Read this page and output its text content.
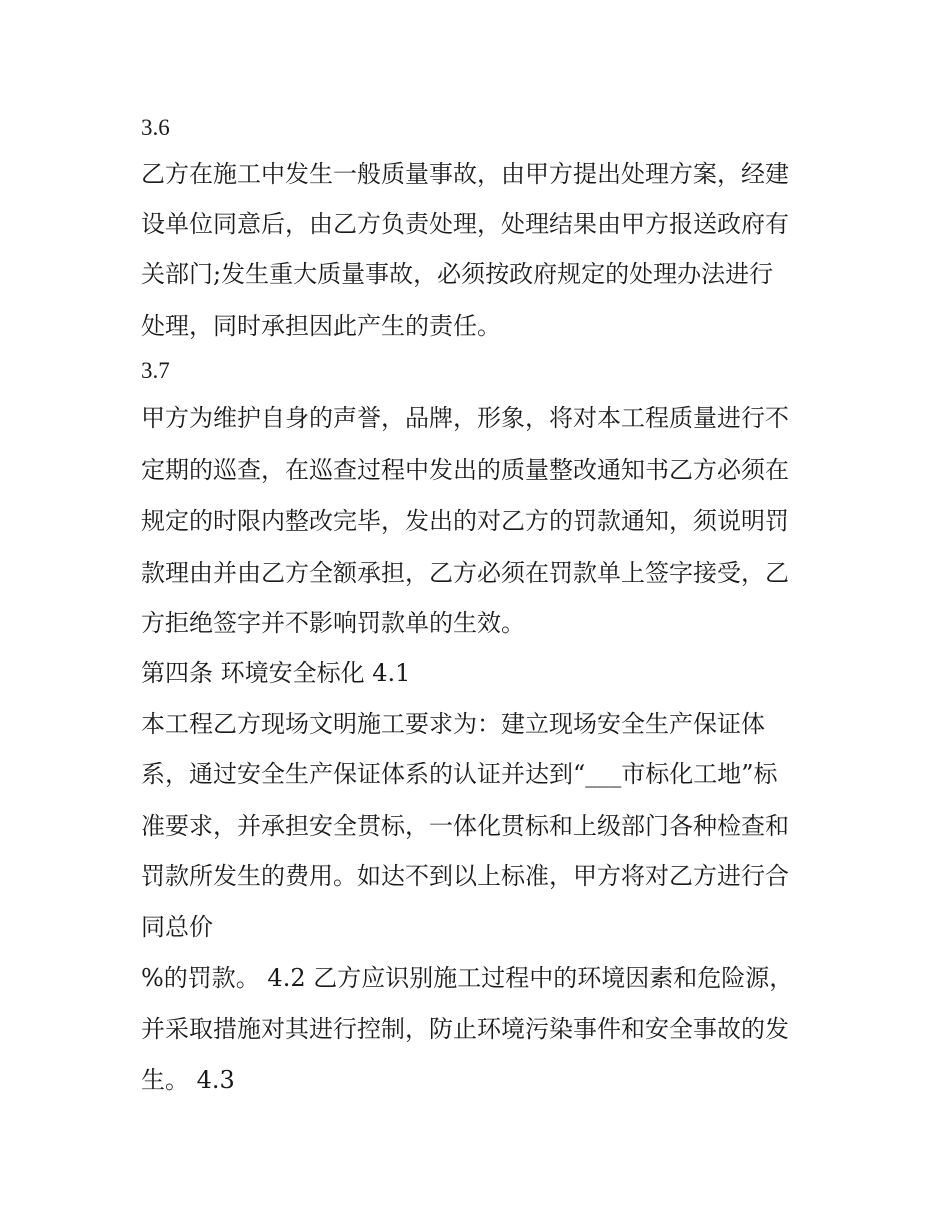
3.6
乙方在施工中发生一般质量事故，由甲方提出处理方案，经建
设单位同意后，由乙方负责处理，处理结果由甲方报送政府有
关部门;发生重大质量事故，必须按政府规定的处理办法进行
处理，同时承担因此产生的责任。
3.7
甲方为维护自身的声誉，品牌，形象，将对本工程质量进行不
定期的巡查，在巡查过程中发出的质量整改通知书乙方必须在
规定的时限内整改完毕，发出的对乙方的罚款通知，须说明罚
款理由并由乙方全额承担，乙方必须在罚款单上签字接受，乙
方拒绝签字并不影响罚款单的生效。
第四条 环境安全标化 4.1
本工程乙方现场文明施工要求为：建立现场安全生产保证体
系，通过安全生产保证体系的认证并达到“___市标化工地”标
准要求，并承担安全贯标，一体化贯标和上级部门各种检查和
罚款所发生的费用。如达不到以上标准，甲方将对乙方进行合
同总价
%的罚款。 4.2 乙方应识别施工过程中的环境因素和危险源，
并采取措施对其进行控制，防止环境污染事件和安全事故的发
生。 4.3
